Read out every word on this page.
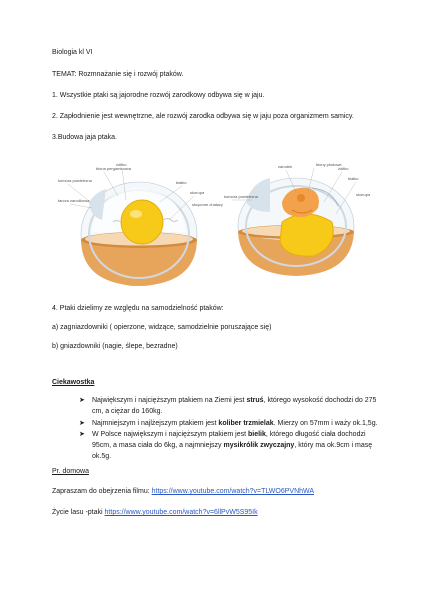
Biologia kl VI
TEMAT: Rozmnażanie się i rozwój ptaków.
1. Wszystkie ptaki są jajorodne rozwój zarodkowy odbywa się w jaju.
2. Zapłodnienie jest wewnętrzne, ale rozwój zarodka odbywa się w jaju poza organizmem samicy.
3.Budowa jaja ptaka.
błona pergaminowa
żółtko
białko
skorupa
komora powietrzna
tarcza zarodkowa
skręcone chalazy
błony płodowe
zarodek
komora powietrzna
żółtko
białko
skorupa
4. Ptaki dzielimy ze względu na samodzielność ptaków:
a) zagniazdowniki ( opierzone, widzące, samodzielnie poruszające się)
b) gniazdowniki (nagie, ślepe, bezradne)
Ciekawostka
➤ Największym i najcięższym ptakiem na Ziemi jest struś, którego wysokość dochodzi do 275
cm, a ciężar do 160kg.
➤ Najmniejszym i najlżejszym ptakiem jest koliber trzmielak. Mierzy on 57mm i waży ok.1,5g.
➤ W Polsce największym i najcięższym ptakiem jest bielik, którego długość ciała dochodzi
95cm, a masa ciała do 6kg, a najmniejszy mysikrólik zwyczajny, który ma ok.9cm i masę
ok.5g.
Pr. domowa
Zapraszam do obejrzenia filmu: https://www.youtube.com/watch?v=TLWO6PVNhWA
Życie lasu -ptaki https://www.youtube.com/watch?v=6llPvW5S95Ik
